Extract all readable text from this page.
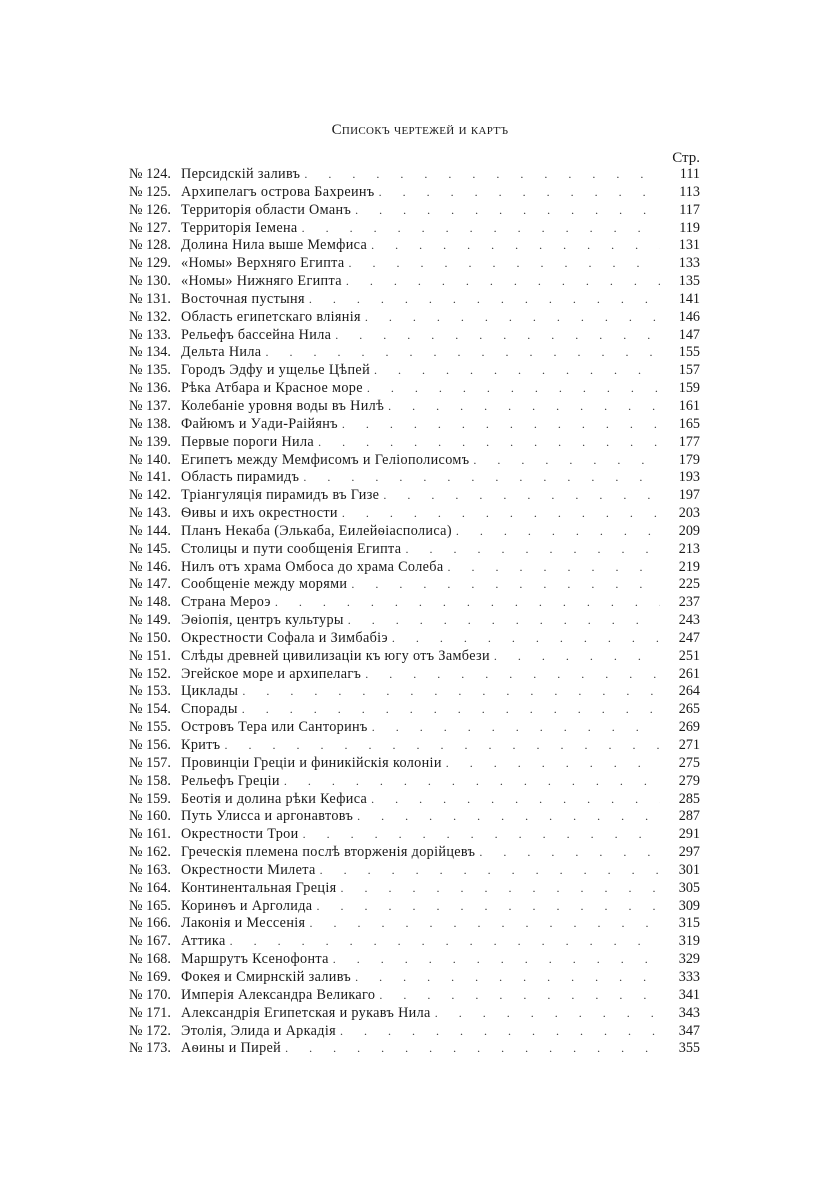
Списокъ чертежей и картъ
Стр.
№ 124. Персидскій заливъ . . .	111
№ 125. Архипелагъ острова Бахреинъ . . .	113
№ 126. Территорія области Оманъ . . .	117
№ 127. Территорія Іемена . . .	119
№ 128. Долина Нила выше Мемфиса . . .	131
№ 129. «Номы» Верхняго Египта . . .	133
№ 130. «Номы» Нижняго Египта . . .	135
№ 131. Восточная пустыня . . .	141
№ 132. Область египетскаго вліянія . . .	146
№ 133. Рельефъ бассейна Нила . . .	147
№ 134. Дельта Нила . . .	155
№ 135. Городъ Эдфу и ущелье Цѣпей . . .	157
№ 136. Рѣка Атбара и Красное море . . .	159
№ 137. Колебаніе уровня воды въ Нилѣ . . .	161
№ 138. Файюмъ и Уади-Раійянъ . . .	165
№ 139. Первые пороги Нила . . .	177
№ 140. Египетъ между Мемфисомъ и Геліополисомъ . . .	179
№ 141. Область пирамидъ . . .	193
№ 142. Тріангуляція пирамидъ въ Гизе . . .	197
№ 143. Ѳивы и ихъ окрестности . . .	203
№ 144. Планъ Некаба (Элькаба, Еилейѳіасполиса) . . .	209
№ 145. Столицы и пути сообщенія Египта . . .	213
№ 146. Нилъ отъ храма Омбоса до храма Солеба . . .	219
№ 147. Сообщеніе между морями . . .	225
№ 148. Страна Мероэ . . .	237
№ 149. Эѳіопія, центръ культуры . . .	243
№ 150. Окрестности Софала и Зимбабіэ . . .	247
№ 151. Слѣды древней цивилизаціи къ югу отъ Замбези . . .	251
№ 152. Эгейское море и архипелагъ . . .	261
№ 153. Циклады . . .	264
№ 154. Спорады . . .	265
№ 155. Островъ Тера или Санторинъ . . .	269
№ 156. Критъ . . .	271
№ 157. Провинціи Греціи и финикійскія колоніи . . .	275
№ 158. Рельефъ Греціи . . .	279
№ 159. Беотія и долина рѣки Кефиса . . .	285
№ 160. Путь Улисса и аргонавтовъ . . .	287
№ 161. Окрестности Трои . . .	291
№ 162. Греческія племена послѣ вторженія дорійцевъ . . .	297
№ 163. Окрестности Милета . . .	301
№ 164. Континентальная Греція . . .	305
№ 165. Коринѳъ и Арголида . . .	309
№ 166. Лаконія и Мессенія . . .	315
№ 167. Аттика . . .	319
№ 168. Маршрутъ Ксенофонта . . .	329
№ 169. Фокея и Смирнскій заливъ . . .	333
№ 170. Имперія Александра Великаго . . .	341
№ 171. Александрія Египетская и рукавъ Нила . . .	343
№ 172. Этолія, Элида и Аркадія . . .	347
№ 173. Аѳины и Пирей . . .	355
